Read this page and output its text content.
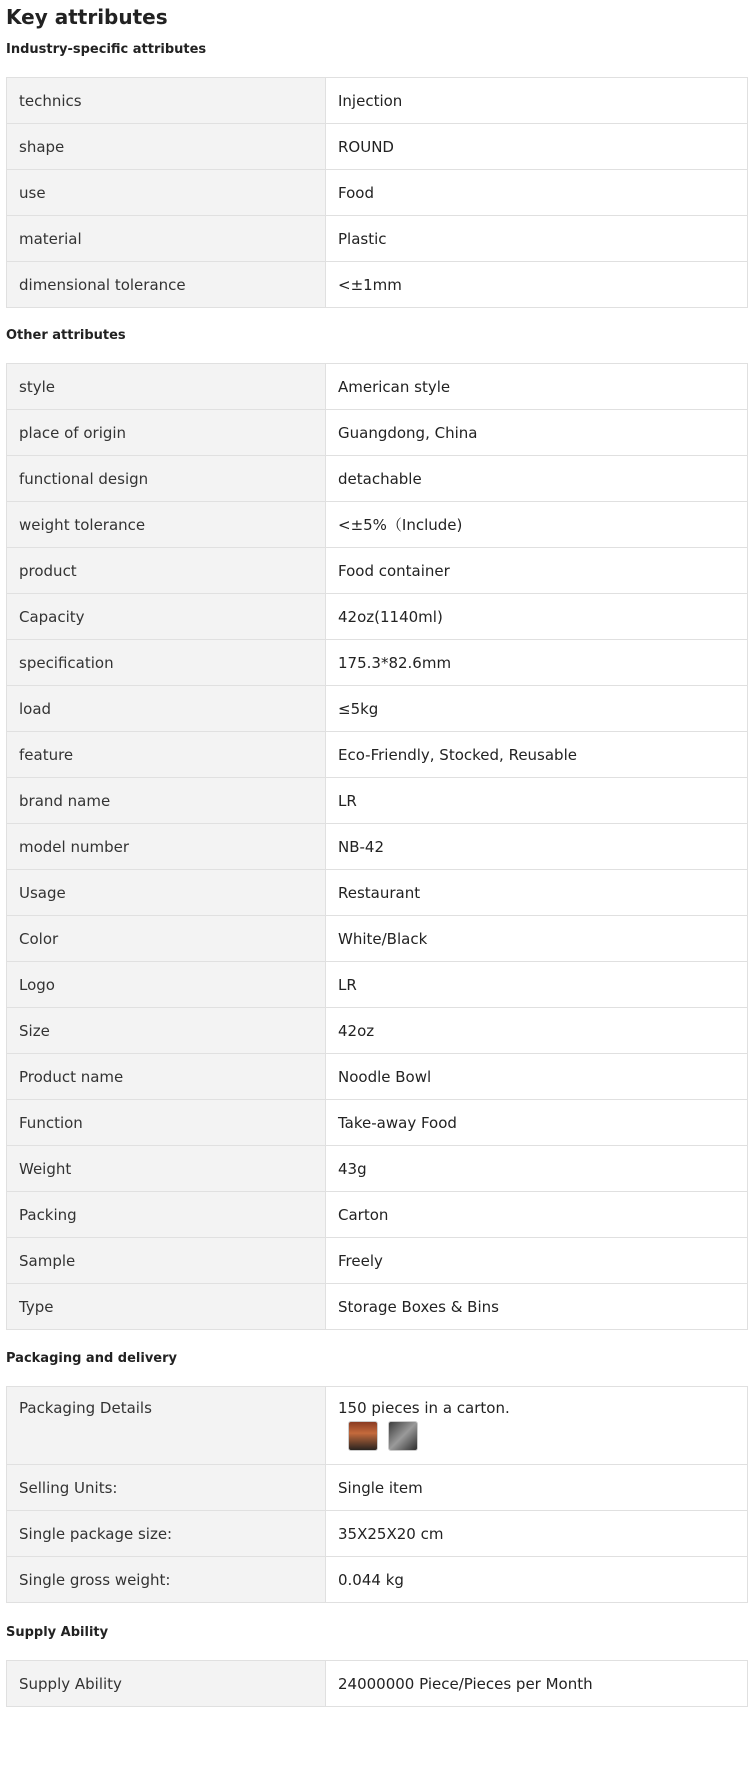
Key attributes
Industry-specific attributes
technics	Injection
shape	ROUND
use	Food
material	Plastic
dimensional tolerance	<±1mm
Other attributes
style	American style
place of origin	Guangdong, China
functional design	detachable
weight tolerance	<±5%（Include)
product	Food container
Capacity	42oz(1140ml)
specification	175.3*82.6mm
load	≤5kg
feature	Eco-Friendly, Stocked, Reusable
brand name	LR
model number	NB-42
Usage	Restaurant
Color	White/Black
Logo	LR
Size	42oz
Product name	Noodle Bowl
Function	Take-away Food
Weight	43g
Packing	Carton
Sample	Freely
Type	Storage Boxes & Bins
Packaging and delivery
Packaging Details	150 pieces in a carton.

Selling Units:	Single item
Single package size:	35X25X20 cm
Single gross weight:	0.044 kg
Supply Ability
Supply Ability	24000000 Piece/Pieces per Month
